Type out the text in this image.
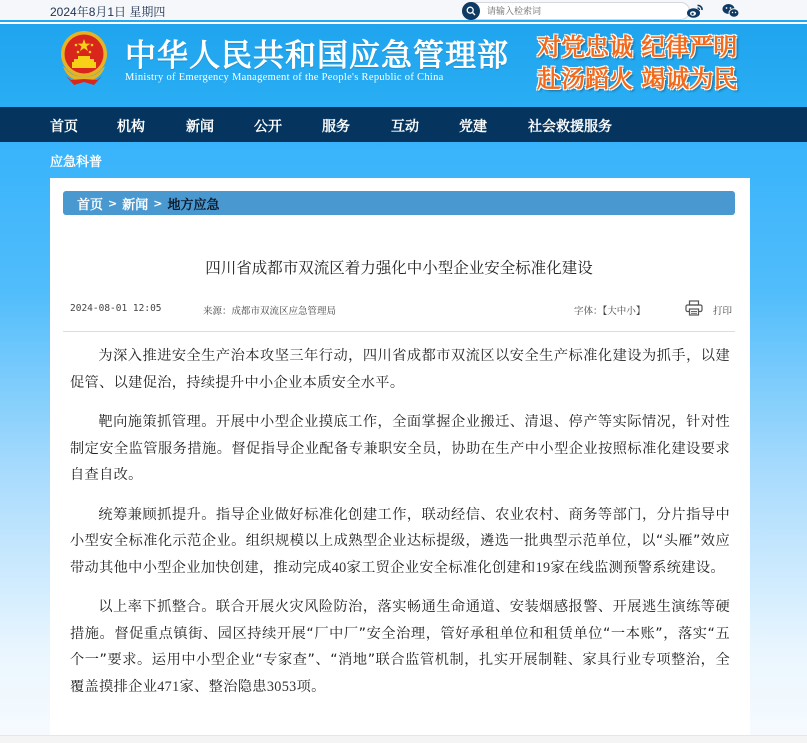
2024年8月1日 星期四
请输入检索词
中华人民共和国应急管理部
Ministry of Emergency Management of the People's Republic of China
对党忠诚 纪律严明
赴汤蹈火 竭诚为民
首页	机构	新闻	公开	服务	互动	党建	社会救援服务
应急科普
首页 > 新闻 > 地方应急
四川省成都市双流区着力强化中小型企业安全标准化建设
2024-08-01 12:05	来源：成都市双流区应急管理局	字体：【大中小】	打印

为深入推进安全生产治本攻坚三年行动，四川省成都市双流区以安全生产标准化建设为抓手，以建促管、以建促治，持续提升中小企业本质安全水平。

靶向施策抓管理。开展中小型企业摸底工作，全面掌握企业搬迁、清退、停产等实际情况，针对性制定安全监管服务措施。督促指导企业配备专兼职安全员，协助在生产中小型企业按照标准化建设要求自查自改。

统筹兼顾抓提升。指导企业做好标准化创建工作，联动经信、农业农村、商务等部门，分片指导中小型安全标准化示范企业。组织规模以上成熟型企业达标提级，遴选一批典型示范单位，以“头雁”效应带动其他中小型企业加快创建，推动完成40家工贸企业安全标准化创建和19家在线监测预警系统建设。

以上率下抓整合。联合开展火灾风险防治，落实畅通生命通道、安装烟感报警、开展逃生演练等硬措施。督促重点镇街、园区持续开展“厂中厂”安全治理，管好承租单位和租赁单位“一本账”，落实“五个一”要求。运用中小型企业“专家查”、“消地”联合监管机制，扎实开展制鞋、家具行业专项整治，全覆盖摸排企业471家、整治隐患3053项。
